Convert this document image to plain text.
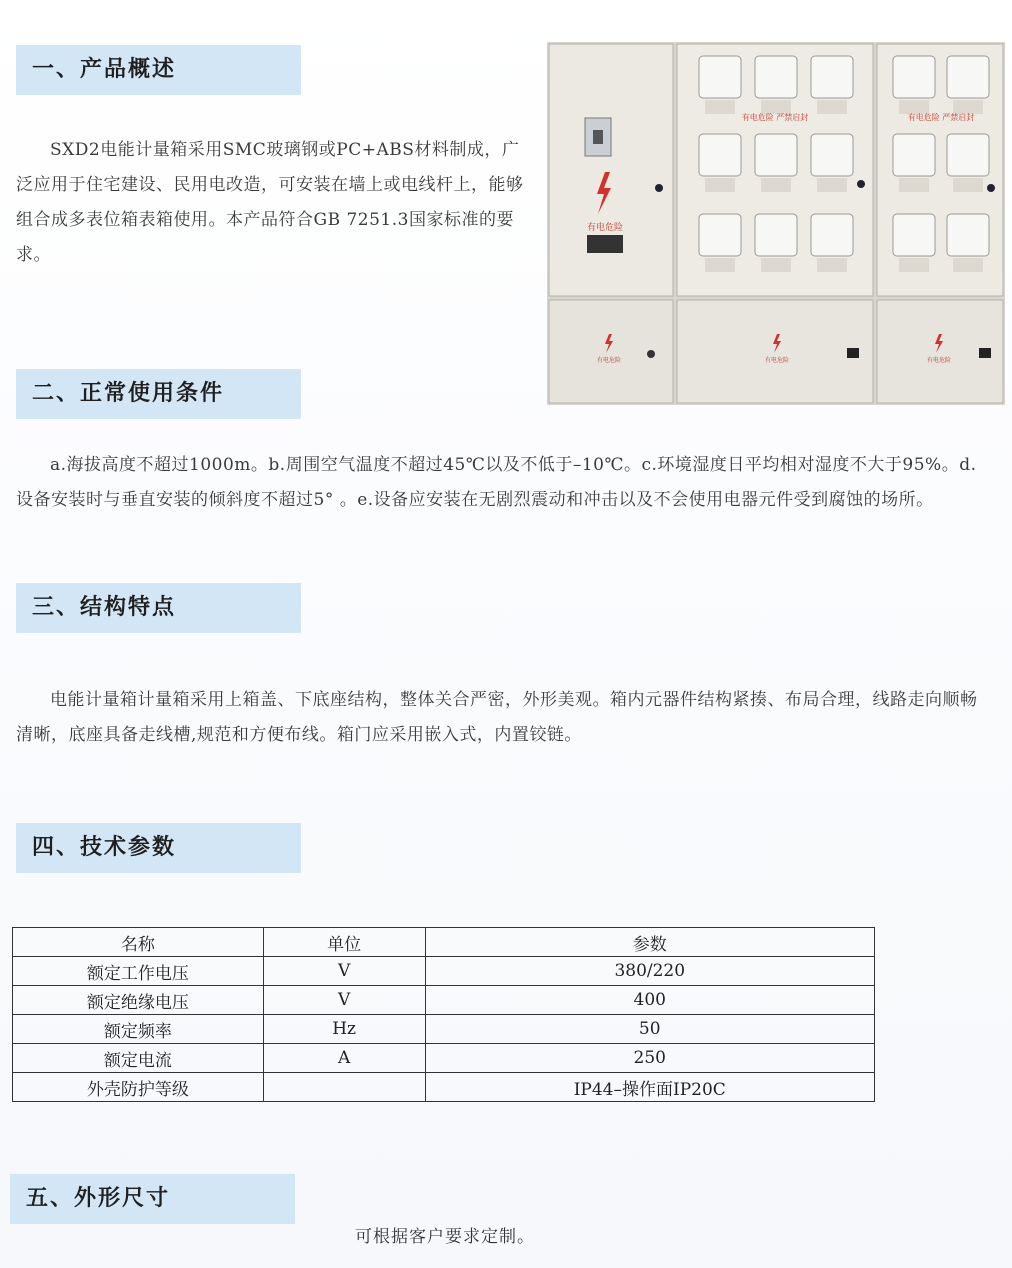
一、产品概述

SXD2电能计量箱采用SMC玻璃钢或PC+ABS材料制成，广泛应用于住宅建设、民用电改造，可安装在墙上或电线杆上，能够组合成多表位箱表箱使用。本产品符合GB 7251.3国家标准的要求。

有电危险
有电危险 严禁启封	有电危险 严禁启封
有电危险	有电危险	有电危险
二、正常使用条件

a.海拔高度不超过1000m。b.周围空气温度不超过45℃以及不低于–10℃。c.环境湿度日平均相对湿度不大于95%。d.设备安装时与垂直安装的倾斜度不超过5° 。e.设备应安装在无剧烈震动和冲击以及不会使用电器元件受到腐蚀的场所。

三、结构特点

电能计量箱计量箱采用上箱盖、下底座结构，整体关合严密，外形美观。箱内元器件结构紧揍、布局合理，线路走向顺畅清晰，底座具备走线槽,规范和方便布线。箱门应采用嵌入式，内置铰链。

四、技术参数
名称	单位	参数
额定工作电压	V	380/220
额定绝缘电压	V	400
额定频率	Hz	50
额定电流	A	250
外壳防护等级		IP44–操作面IP20C
五、外形尺寸
可根据客户要求定制。
